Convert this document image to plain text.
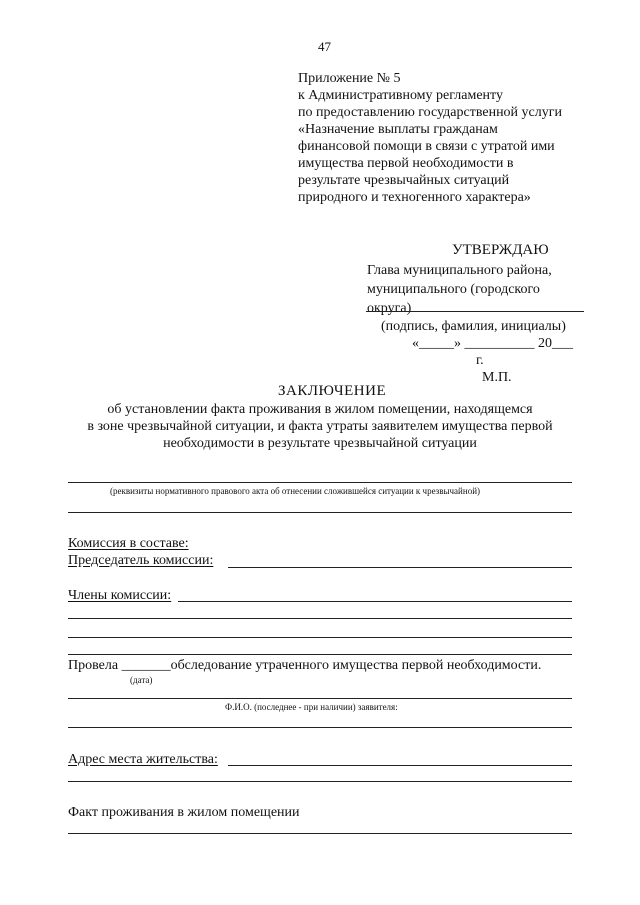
47
Приложение № 5
к Административному регламенту
по предоставлению государственной услуги
«Назначение выплаты гражданам
финансовой помощи в связи с утратой ими
имущества первой необходимости в
результате чрезвычайных ситуаций
природного и техногенного характера»
УТВЕРЖДАЮ
Глава муниципального района,
муниципального (городского
округа)
(подпись, фамилия, инициалы)
«_____» __________ 20___
г.
М.П.
ЗАКЛЮЧЕНИЕ
об установлении факта проживания в жилом помещении, находящемся
в зоне чрезвычайной ситуации, и факта утраты заявителем имущества первой
необходимости в результате чрезвычайной ситуации
(реквизиты нормативного правового акта об отнесении сложившейся ситуации к чрезвычайной)
Комиссия в составе:
Председатель комиссии:
Члены комиссии:
Провела _______обследование утраченного имущества первой необходимости.
(дата)
Ф.И.О. (последнее - при наличии) заявителя:
Адрес места жительства:
Факт проживания в жилом помещении
